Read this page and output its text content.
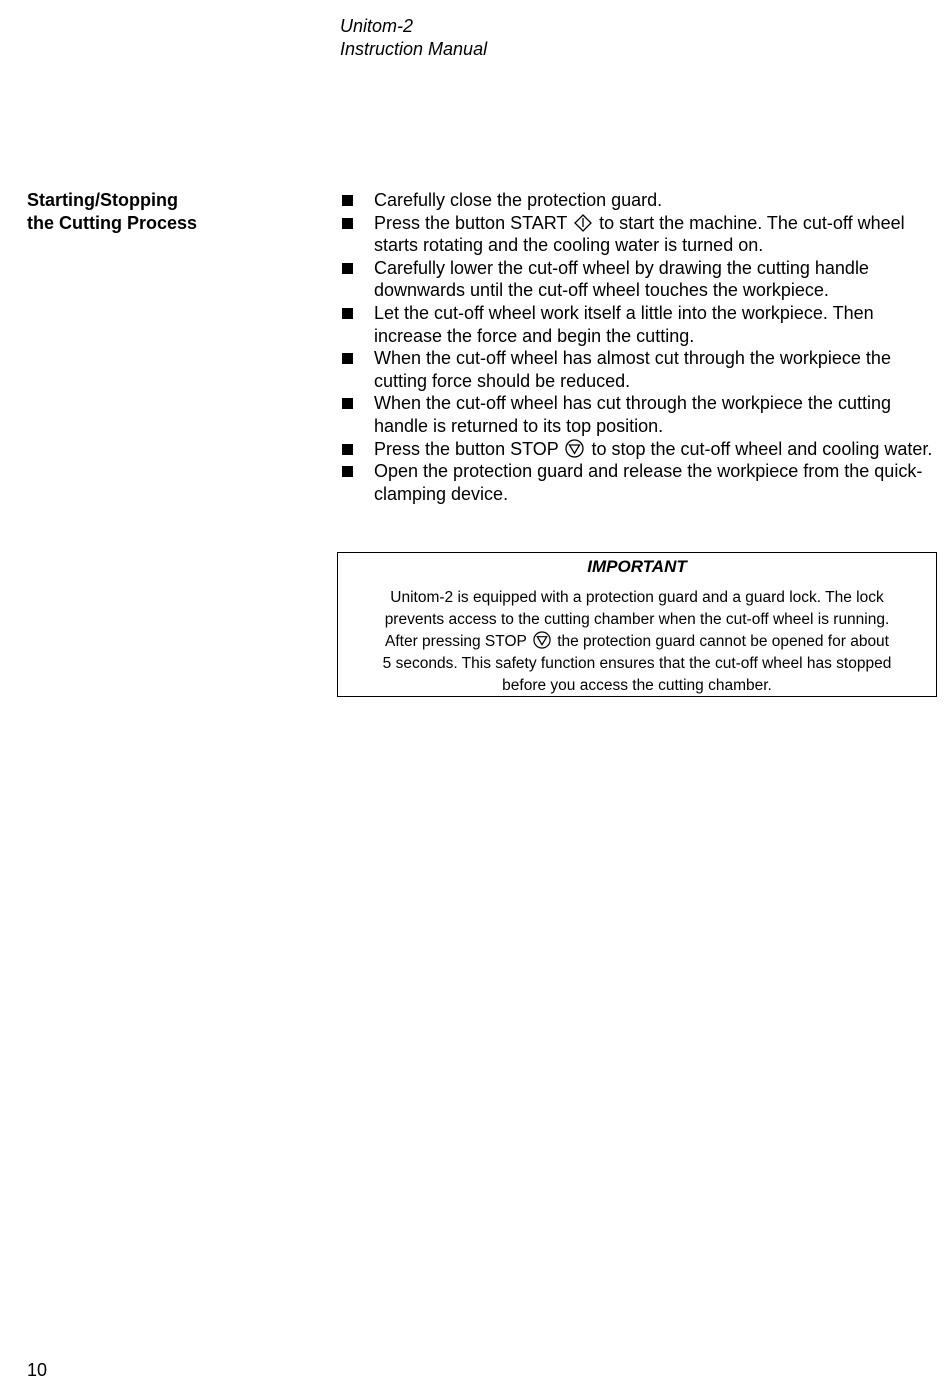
Unitom-2
Instruction Manual
Starting/Stopping
the Cutting Process
Carefully close the protection guard.
Press the button START to start the machine. The cut-off wheel starts rotating and the cooling water is turned on.
Carefully lower the cut-off wheel by drawing the cutting handle downwards until the cut-off wheel touches the workpiece.
Let the cut-off wheel work itself a little into the workpiece. Then increase the force and begin the cutting.
When the cut-off wheel has almost cut through the workpiece the cutting force should be reduced.
When the cut-off wheel has cut through the workpiece the cutting handle is returned to its top position.
Press the button STOP to stop the cut-off wheel and cooling water.
Open the protection guard and release the workpiece from the quick-clamping device.
IMPORTANT
Unitom-2 is equipped with a protection guard and a guard lock. The lock
prevents access to the cutting chamber when the cut-off wheel is running.
After pressing STOP the protection guard cannot be opened for about
5 seconds. This safety function ensures that the cut-off wheel has stopped
before you access the cutting chamber.
10
